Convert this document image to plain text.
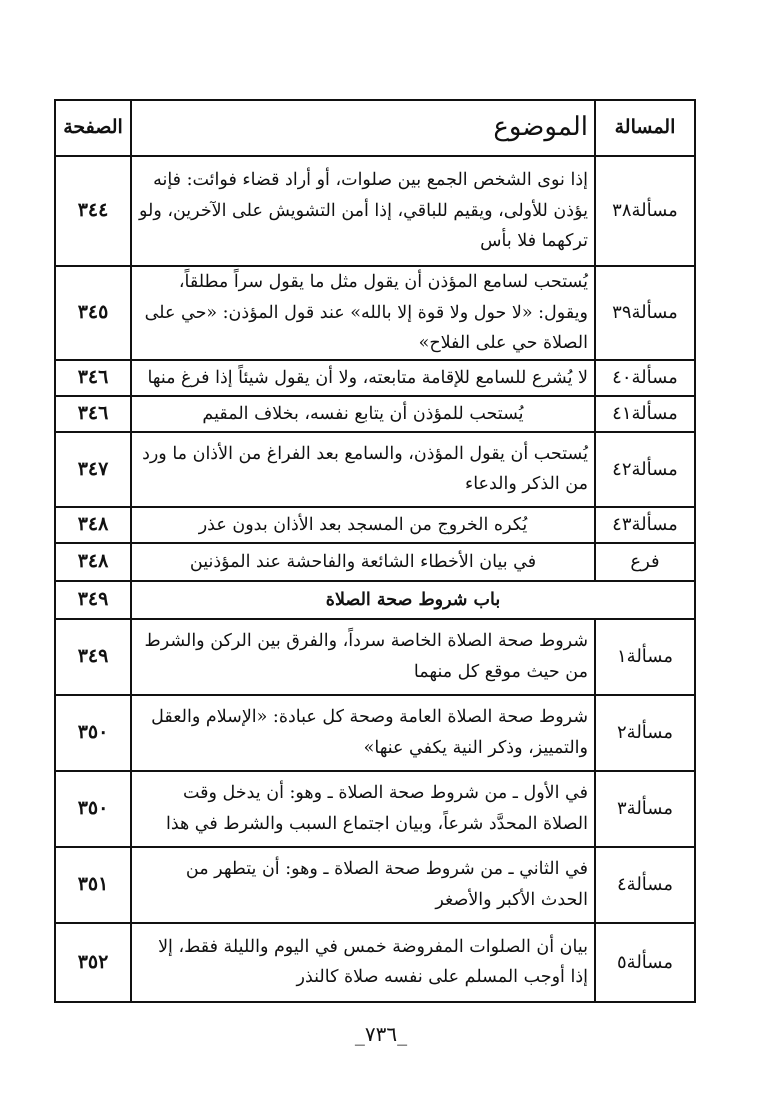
المسالة	الموضوع	الصفحة
مسألة٣٨	إذا نوى الشخص الجمع بين صلوات، أو أراد قضاء فوائت: فإنه يؤذن للأولى، ويقيم للباقي، إذا أمن التشويش على الآخرين، ولو تركهما فلا بأس	٣٤٤
مسألة٣٩	يُستحب لسامع المؤذن أن يقول مثل ما يقول سراً مطلقاً، ويقول: «لا حول ولا قوة إلا بالله» عند قول المؤذن: «حي على الصلاة حي على الفلاح»	٣٤٥
مسألة٤٠	لا يُشرع للسامع للإقامة متابعته، ولا أن يقول شيئاً إذا فرغ منها	٣٤٦
مسألة٤١	يُستحب للمؤذن أن يتابع نفسه، بخلاف المقيم	٣٤٦
مسألة٤٢	يُستحب أن يقول المؤذن، والسامع بعد الفراغ من الأذان ما ورد من الذكر والدعاء	٣٤٧
مسألة٤٣	يُكره الخروج من المسجد بعد الأذان بدون عذر	٣٤٨
فرع	في بيان الأخطاء الشائعة والفاحشة عند المؤذنين	٣٤٨
باب شروط صحة الصلاة		٣٤٩
مسألة١	شروط صحة الصلاة الخاصة سرداً، والفرق بين الركن والشرط من حيث موقع كل منهما	٣٤٩
مسألة٢	شروط صحة الصلاة العامة وصحة كل عبادة: «الإسلام والعقل والتمييز، وذكر النية يكفي عنها»	٣٥٠
مسألة٣	في الأول ـ من شروط صحة الصلاة ـ وهو: أن يدخل وقت الصلاة المحدَّد شرعاً، وبيان اجتماع السبب والشرط في هذا	٣٥٠
مسألة٤	في الثاني ـ من شروط صحة الصلاة ـ وهو: أن يتطهر من الحدث الأكبر والأصغر	٣٥١
مسألة٥	بيان أن الصلوات المفروضة خمس في اليوم والليلة فقط، إلا إذا أوجب المسلم على نفسه صلاة كالنذر	٣٥٢
_٧٣٦_
